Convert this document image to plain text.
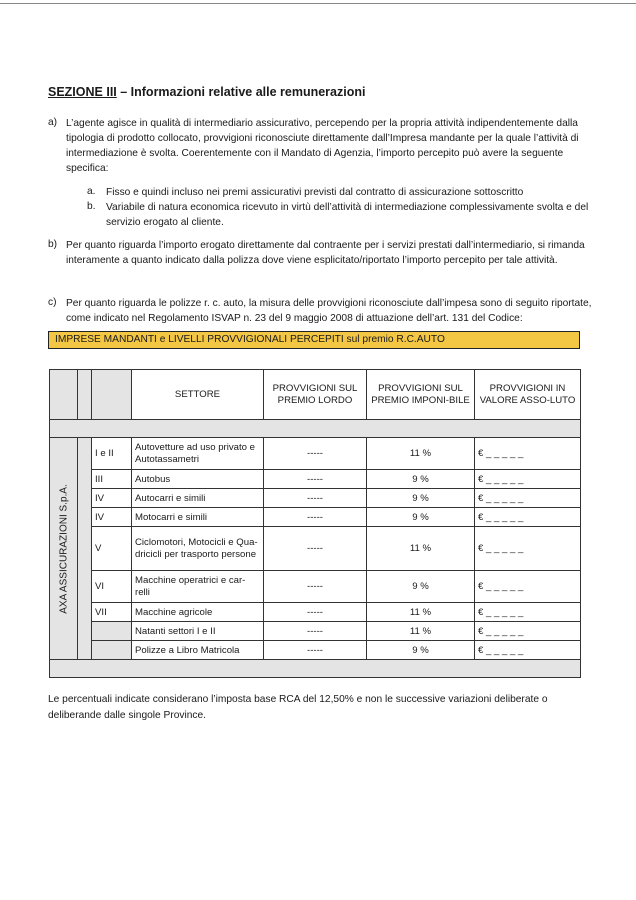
SEZIONE III – Informazioni relative alle remunerazioni
a) L’agente agisce in qualità di intermediario assicurativo, percependo per la propria attività indipendentemente dalla tipologia di prodotto collocato, provvigioni riconosciute direttamente dall’Impresa mandante per la quale l’attività di intermediazione è svolta. Coerentemente con il Mandato di Agenzia, l’importo percepito può avere la seguente specifica:
a. Fisso e quindi incluso nei premi assicurativi previsti dal contratto di assicurazione sottoscritto
b. Variabile di natura economica ricevuto in virtù dell’attività di intermediazione complessivamente svolta e del servizio erogato al cliente.
b) Per quanto riguarda l’importo erogato direttamente dal contraente per i servizi prestati dall’intermediario, si rimanda interamente a quanto indicato dalla polizza dove viene esplicitato/riportato l’importo percepito per tale attività.
c) Per quanto riguarda le polizze r. c. auto, la misura delle provvigioni riconosciute dall’impesa sono di seguito riportate, come indicato nel Regolamento ISVAP n. 23 del 9 maggio 2008 di attuazione dell’art. 131 del Codice:
IMPRESE MANDANTI e LIVELLI PROVVIGIONALI PERCEPITI sul premio R.C.AUTO
			SETTORE	PROVVIGIONI SUL PREMIO LORDO	PROVVIGIONI SUL PREMIO IMPONI-BILE	PROVVIGIONI IN VALORE ASSO-LUTO

AXA ASSICURAZIONI S.p.A.		I e II	Autovetture ad uso privato e Autotassametri	-----	11 %	€ _ _ _ _ _
		III	Autobus	-----	9 %	€ _ _ _ _ _
		IV	Autocarri e simili	-----	9 %	€ _ _ _ _ _
		IV	Motocarri e simili	-----	9 %	€ _ _ _ _ _
		V	Ciclomotori, Motocicli e Qua-dricicli per trasporto persone	-----	11 %	€ _ _ _ _ _
		VI	Macchine operatrici e car-relli	-----	9 %	€ _ _ _ _ _
		VII	Macchine agricole	-----	11 %	€ _ _ _ _ _
			Natanti settori I e II	-----	11 %	€ _ _ _ _ _
			Polizze a Libro Matricola	-----	9 %	€ _ _ _ _ _

Le percentuali indicate considerano l’imposta base RCA del 12,50% e non le successive variazioni deliberate o deliberande dalle singole Province.
